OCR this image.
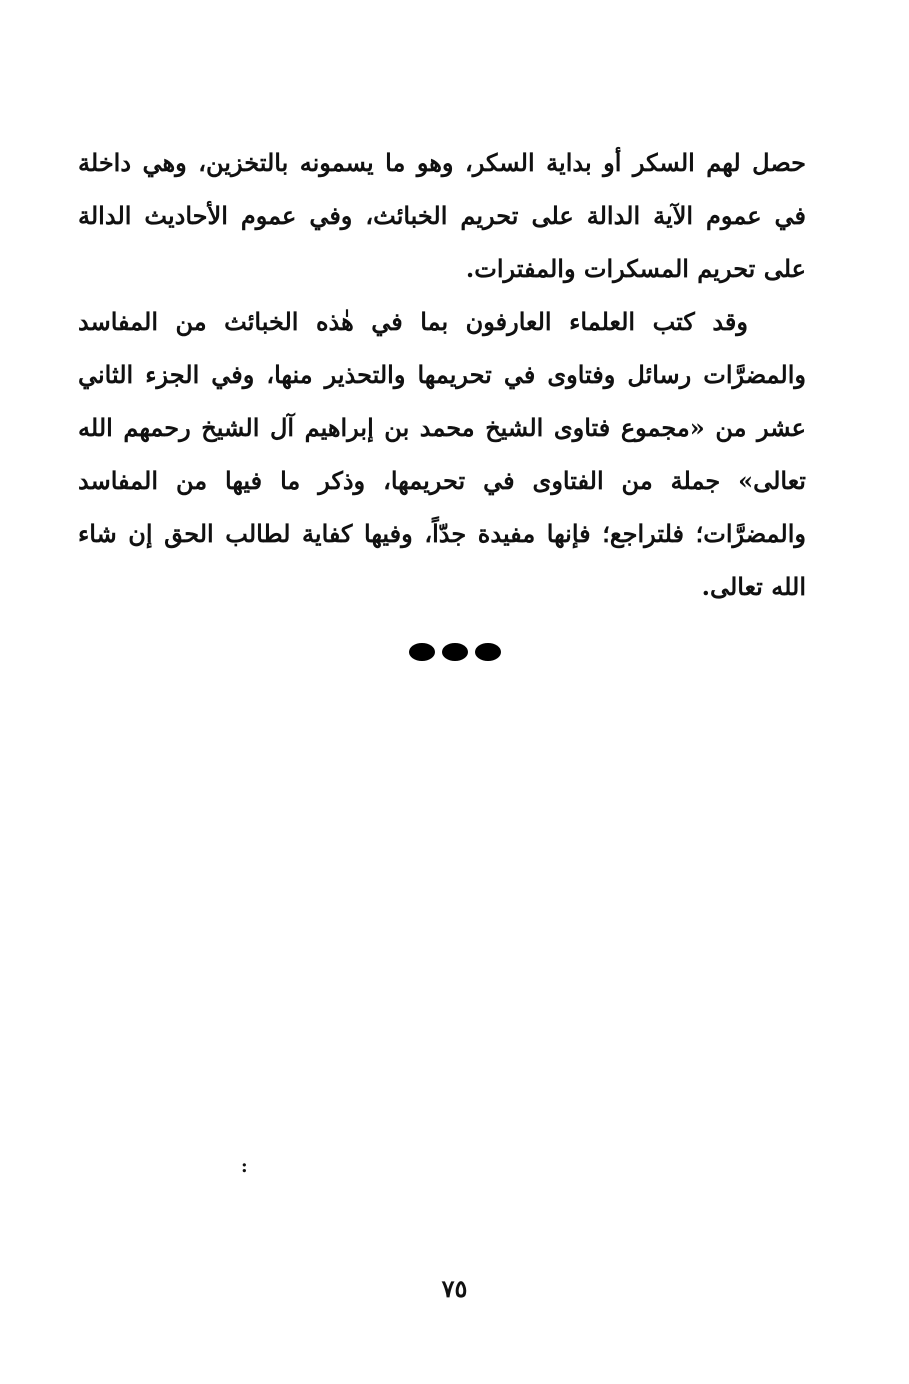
حصل لهم السكر أو بداية السكر، وهو ما يسمونه بالتخزين، وهي داخلة في عموم الآية الدالة على تحريم الخبائث، وفي عموم الأحاديث الدالة على تحريم المسكرات والمفترات.

وقد كتب العلماء العارفون بما في هٰذه الخبائث من المفاسد والمضرَّات رسائل وفتاوى في تحريمها والتحذير منها، وفي الجزء الثاني عشر من «مجموع فتاوى الشيخ محمد بن إبراهيم آل الشيخ رحمهم الله تعالى» جملة من الفتاوى في تحريمها، وذكر ما فيها من المفاسد والمضرَّات؛ فلتراجع؛ فإنها مفيدة جدّاً، وفيها كفاية لطالب الحق إن شاء الله تعالى.

:
٧٥
